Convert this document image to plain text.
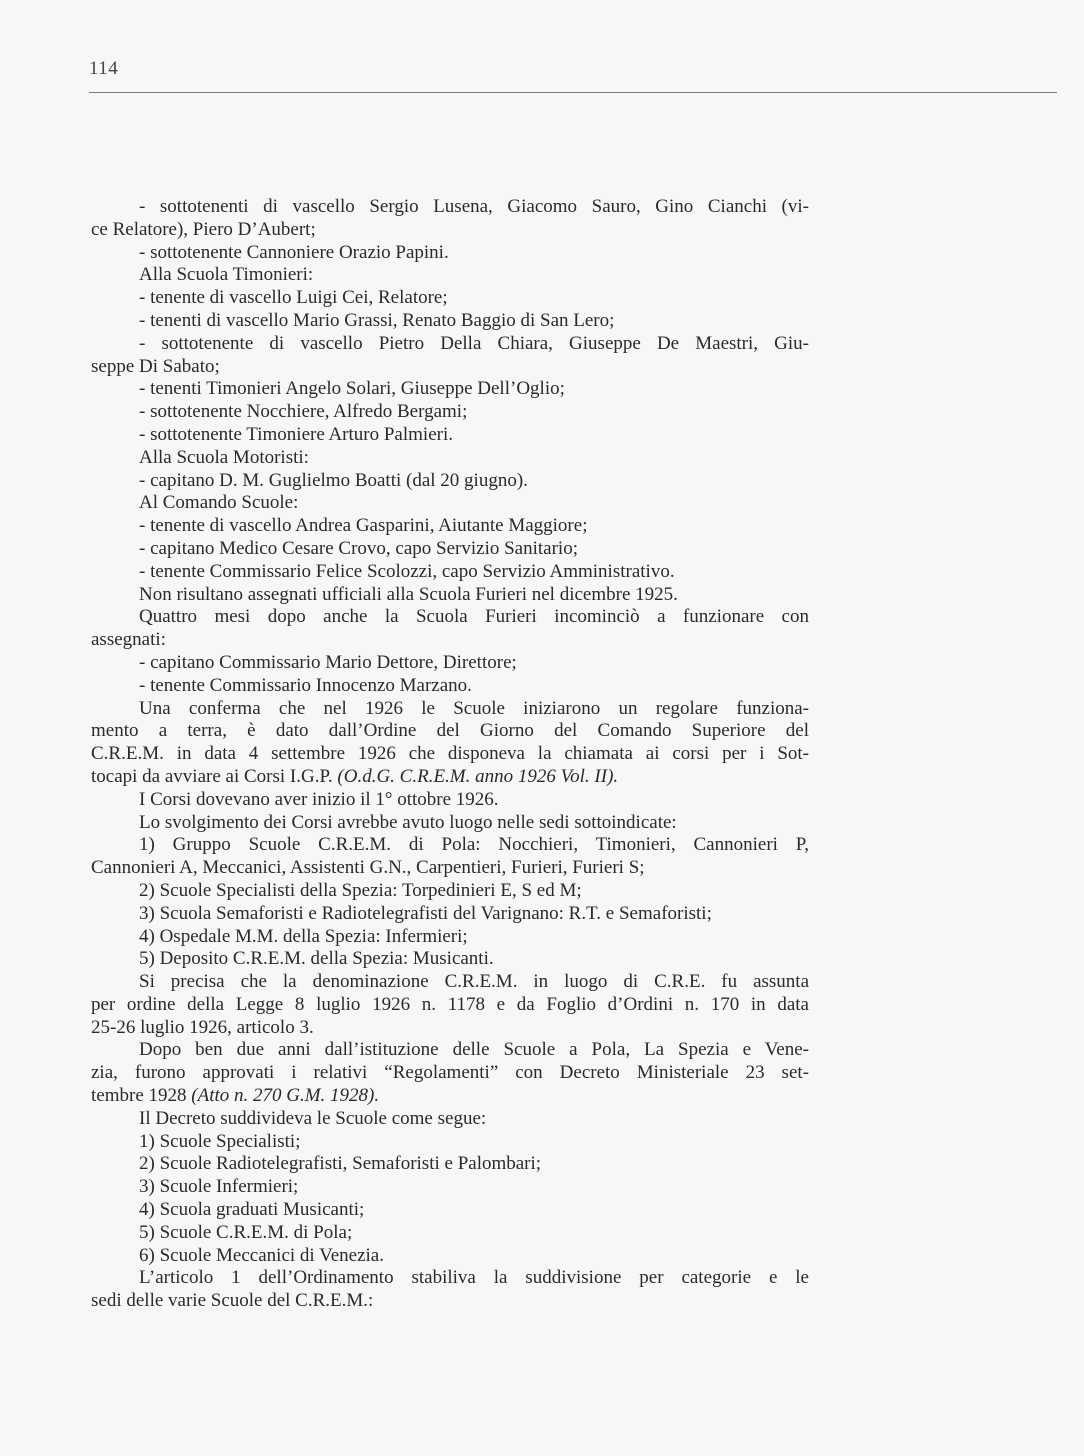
114
- sottotenenti di vascello Sergio Lusena, Giacomo Sauro, Gino Cianchi (vi-
ce Relatore), Piero D’Aubert;
- sottotenente Cannoniere Orazio Papini.
Alla Scuola Timonieri:
- tenente di vascello Luigi Cei, Relatore;
- tenenti di vascello Mario Grassi, Renato Baggio di San Lero;
- sottotenente di vascello Pietro Della Chiara, Giuseppe De Maestri, Giu-
seppe Di Sabato;
- tenenti Timonieri Angelo Solari, Giuseppe Dell’Oglio;
- sottotenente Nocchiere, Alfredo Bergami;
- sottotenente Timoniere Arturo Palmieri.
Alla Scuola Motoristi:
- capitano D. M. Guglielmo Boatti (dal 20 giugno).
Al Comando Scuole:
- tenente di vascello Andrea Gasparini, Aiutante Maggiore;
- capitano Medico Cesare Crovo, capo Servizio Sanitario;
- tenente Commissario Felice Scolozzi, capo Servizio Amministrativo.
Non risultano assegnati ufficiali alla Scuola Furieri nel dicembre 1925.
Quattro mesi dopo anche la Scuola Furieri incominciò a funzionare con
assegnati:
- capitano Commissario Mario Dettore, Direttore;
- tenente Commissario Innocenzo Marzano.
Una conferma che nel 1926 le Scuole iniziarono un regolare funziona-
mento a terra, è dato dall’Ordine del Giorno del Comando Superiore del
C.R.E.M. in data 4 settembre 1926 che disponeva la chiamata ai corsi per i Sot-
tocapi da avviare ai Corsi I.G.P. (O.d.G. C.R.E.M. anno 1926 Vol. II).
I Corsi dovevano aver inizio il 1° ottobre 1926.
Lo svolgimento dei Corsi avrebbe avuto luogo nelle sedi sottoindicate:
1) Gruppo Scuole C.R.E.M. di Pola: Nocchieri, Timonieri, Cannonieri P,
Cannonieri A, Meccanici, Assistenti G.N., Carpentieri, Furieri, Furieri S;
2) Scuole Specialisti della Spezia: Torpedinieri E, S ed M;
3) Scuola Semaforisti e Radiotelegrafisti del Varignano: R.T. e Semaforisti;
4) Ospedale M.M. della Spezia: Infermieri;
5) Deposito C.R.E.M. della Spezia: Musicanti.
Si precisa che la denominazione C.R.E.M. in luogo di C.R.E. fu assunta
per ordine della Legge 8 luglio 1926 n. 1178 e da Foglio d’Ordini n. 170 in data
25-26 luglio 1926, articolo 3.
Dopo ben due anni dall’istituzione delle Scuole a Pola, La Spezia e Vene-
zia, furono approvati i relativi “Regolamenti” con Decreto Ministeriale 23 set-
tembre 1928 (Atto n. 270 G.M. 1928).
Il Decreto suddivideva le Scuole come segue:
1) Scuole Specialisti;
2) Scuole Radiotelegrafisti, Semaforisti e Palombari;
3) Scuole Infermieri;
4) Scuola graduati Musicanti;
5) Scuole C.R.E.M. di Pola;
6) Scuole Meccanici di Venezia.
L’articolo 1 dell’Ordinamento stabiliva la suddivisione per categorie e le
sedi delle varie Scuole del C.R.E.M.:
